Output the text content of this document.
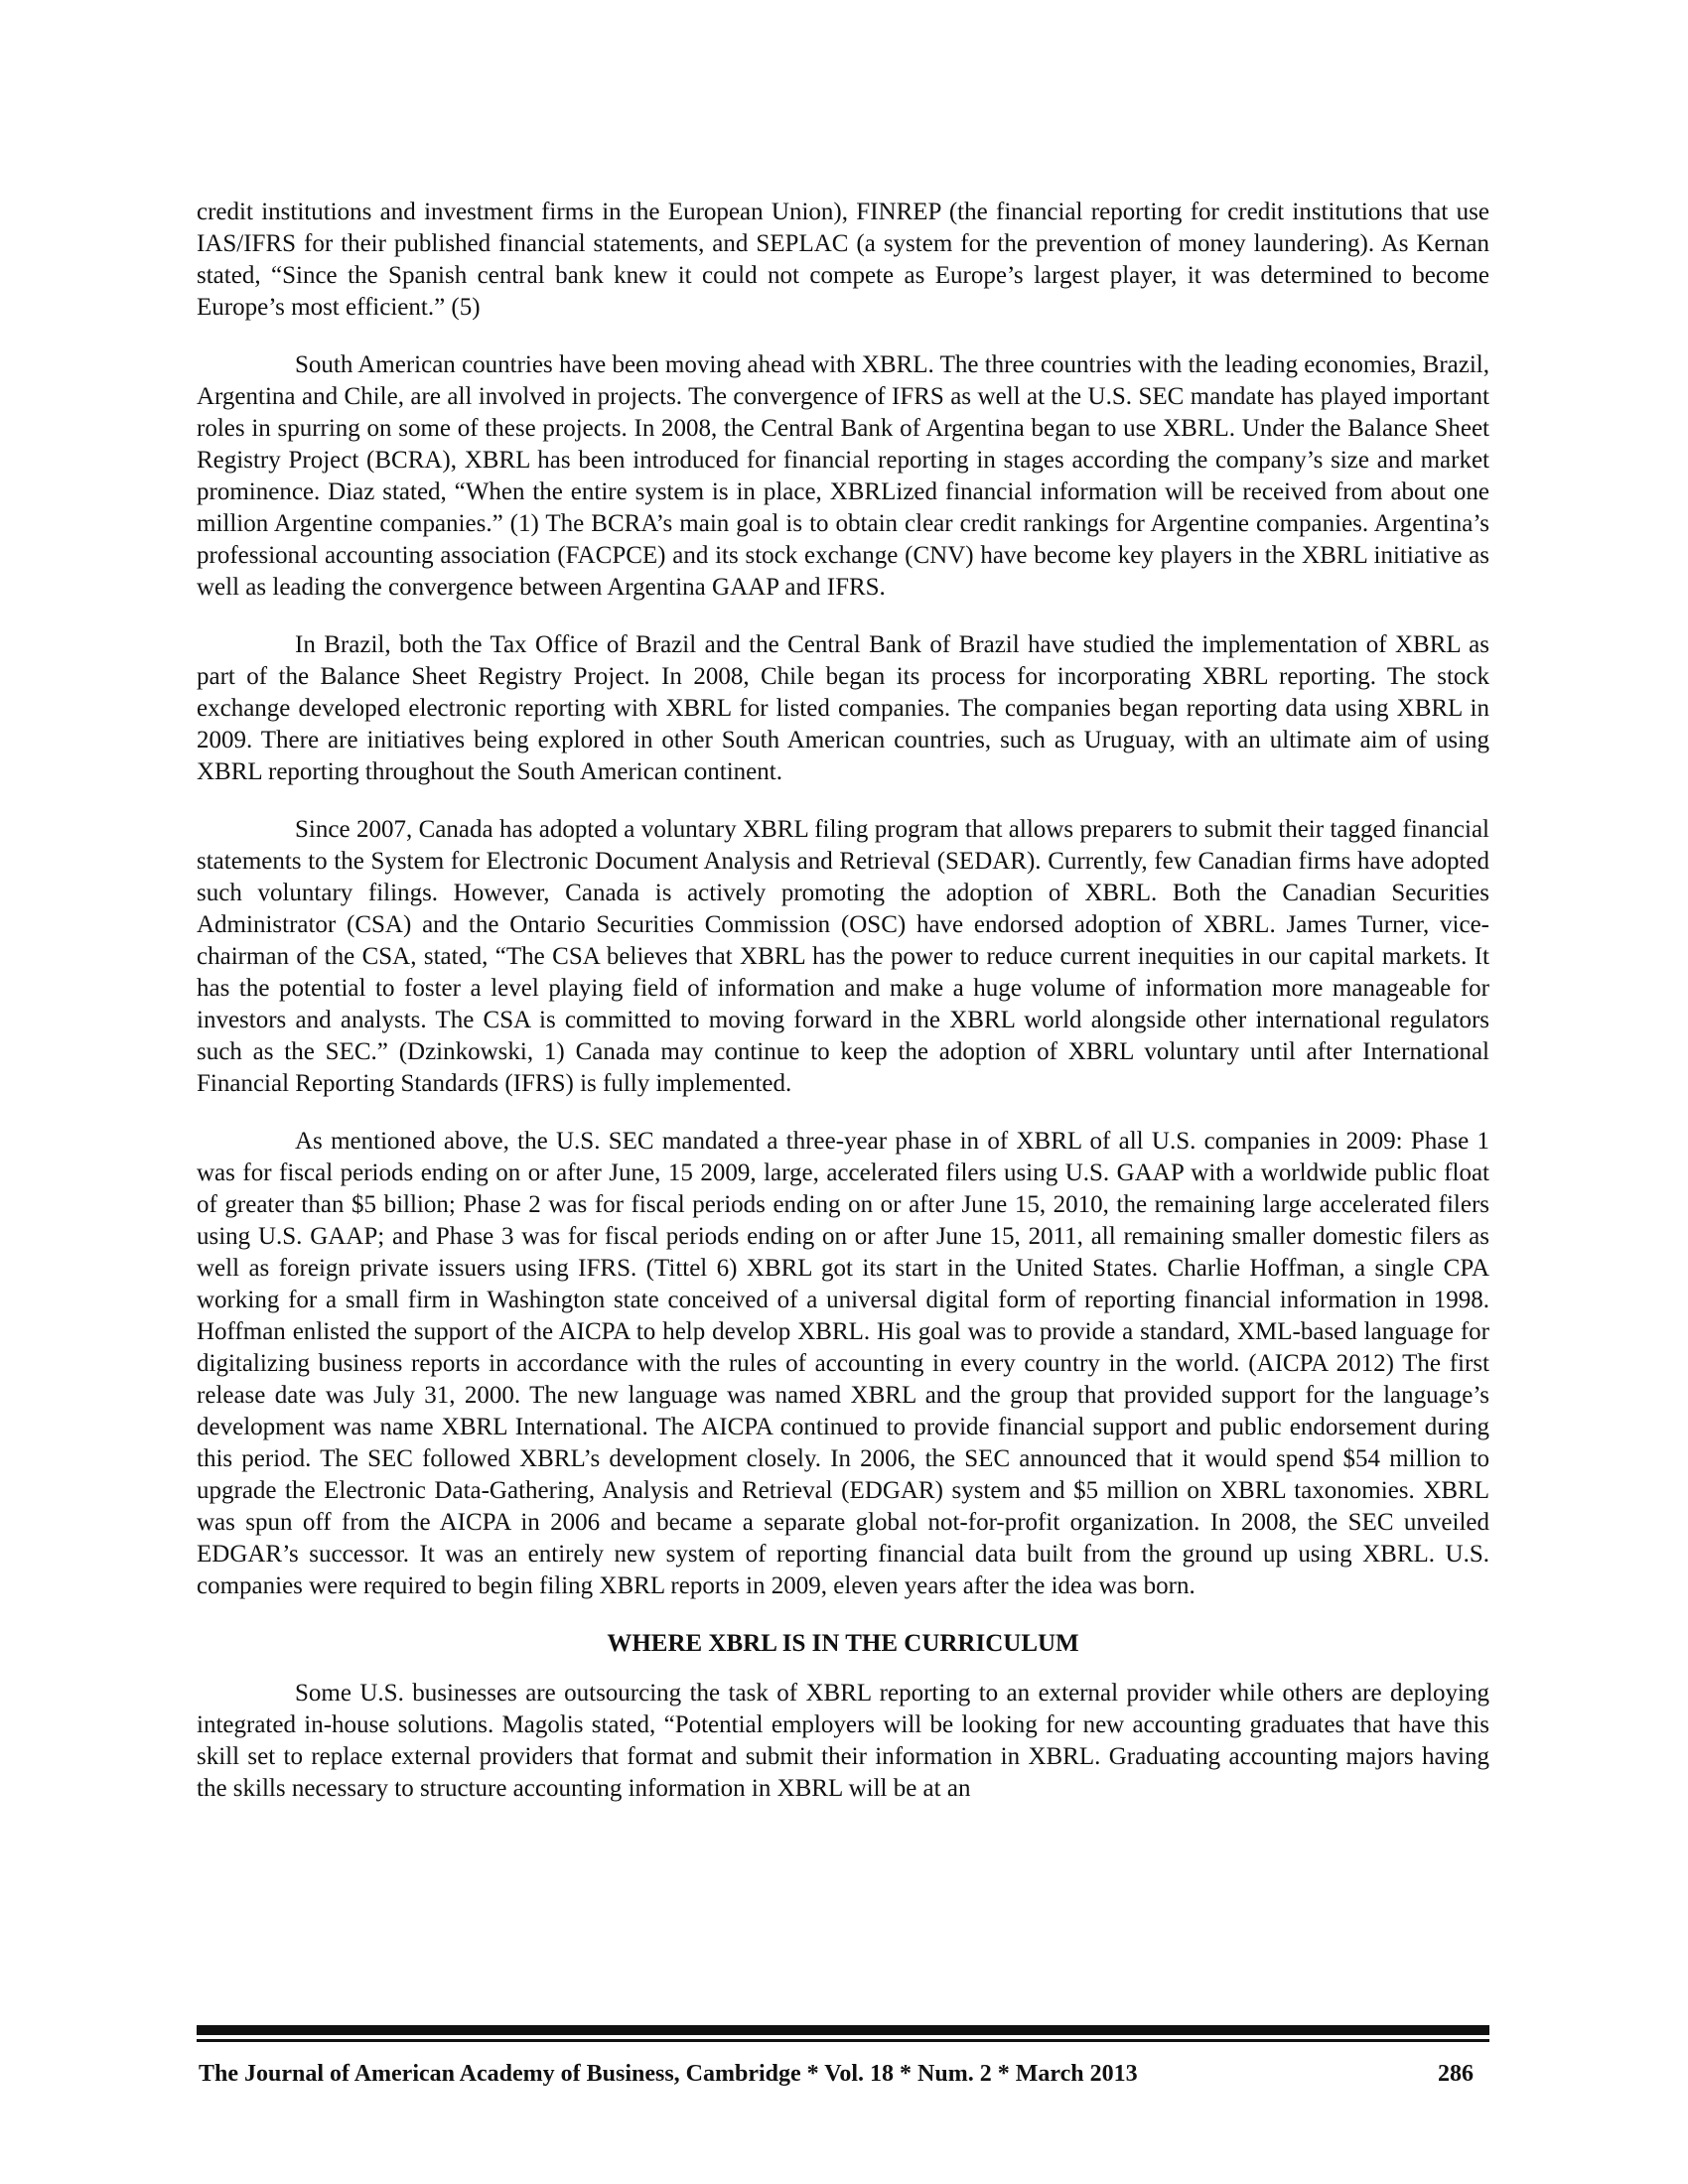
credit institutions and investment firms in the European Union), FINREP (the financial reporting for credit institutions that use IAS/IFRS for their published financial statements, and SEPLAC (a system for the prevention of money laundering). As Kernan stated, “Since the Spanish central bank knew it could not compete as Europe’s largest player, it was determined to become Europe’s most efficient.” (5)

South American countries have been moving ahead with XBRL. The three countries with the leading economies, Brazil, Argentina and Chile, are all involved in projects. The convergence of IFRS as well at the U.S. SEC mandate has played important roles in spurring on some of these projects. In 2008, the Central Bank of Argentina began to use XBRL. Under the Balance Sheet Registry Project (BCRA), XBRL has been introduced for financial reporting in stages according the company’s size and market prominence. Diaz stated, “When the entire system is in place, XBRLized financial information will be received from about one million Argentine companies.” (1) The BCRA’s main goal is to obtain clear credit rankings for Argentine companies. Argentina’s professional accounting association (FACPCE) and its stock exchange (CNV) have become key players in the XBRL initiative as well as leading the convergence between Argentina GAAP and IFRS.

In Brazil, both the Tax Office of Brazil and the Central Bank of Brazil have studied the implementation of XBRL as part of the Balance Sheet Registry Project. In 2008, Chile began its process for incorporating XBRL reporting. The stock exchange developed electronic reporting with XBRL for listed companies. The companies began reporting data using XBRL in 2009. There are initiatives being explored in other South American countries, such as Uruguay, with an ultimate aim of using XBRL reporting throughout the South American continent.

Since 2007, Canada has adopted a voluntary XBRL filing program that allows preparers to submit their tagged financial statements to the System for Electronic Document Analysis and Retrieval (SEDAR). Currently, few Canadian firms have adopted such voluntary filings. However, Canada is actively promoting the adoption of XBRL. Both the Canadian Securities Administrator (CSA) and the Ontario Securities Commission (OSC) have endorsed adoption of XBRL. James Turner, vice-chairman of the CSA, stated, “The CSA believes that XBRL has the power to reduce current inequities in our capital markets. It has the potential to foster a level playing field of information and make a huge volume of information more manageable for investors and analysts. The CSA is committed to moving forward in the XBRL world alongside other international regulators such as the SEC.” (Dzinkowski, 1) Canada may continue to keep the adoption of XBRL voluntary until after International Financial Reporting Standards (IFRS) is fully implemented.

As mentioned above, the U.S. SEC mandated a three-year phase in of XBRL of all U.S. companies in 2009: Phase 1 was for fiscal periods ending on or after June, 15 2009, large, accelerated filers using U.S. GAAP with a worldwide public float of greater than $5 billion; Phase 2 was for fiscal periods ending on or after June 15, 2010, the remaining large accelerated filers using U.S. GAAP; and Phase 3 was for fiscal periods ending on or after June 15, 2011, all remaining smaller domestic filers as well as foreign private issuers using IFRS. (Tittel 6) XBRL got its start in the United States. Charlie Hoffman, a single CPA working for a small firm in Washington state conceived of a universal digital form of reporting financial information in 1998. Hoffman enlisted the support of the AICPA to help develop XBRL. His goal was to provide a standard, XML-based language for digitalizing business reports in accordance with the rules of accounting in every country in the world. (AICPA 2012) The first release date was July 31, 2000. The new language was named XBRL and the group that provided support for the language’s development was name XBRL International. The AICPA continued to provide financial support and public endorsement during this period. The SEC followed XBRL’s development closely. In 2006, the SEC announced that it would spend $54 million to upgrade the Electronic Data-Gathering, Analysis and Retrieval (EDGAR) system and $5 million on XBRL taxonomies. XBRL was spun off from the AICPA in 2006 and became a separate global not-for-profit organization. In 2008, the SEC unveiled EDGAR’s successor. It was an entirely new system of reporting financial data built from the ground up using XBRL. U.S. companies were required to begin filing XBRL reports in 2009, eleven years after the idea was born.

WHERE XBRL IS IN THE CURRICULUM

Some U.S. businesses are outsourcing the task of XBRL reporting to an external provider while others are deploying integrated in-house solutions. Magolis stated, “Potential employers will be looking for new accounting graduates that have this skill set to replace external providers that format and submit their information in XBRL. Graduating accounting majors having the skills necessary to structure accounting information in XBRL will be at an

The Journal of American Academy of Business, Cambridge * Vol. 18 * Num. 2 * March 2013	286
